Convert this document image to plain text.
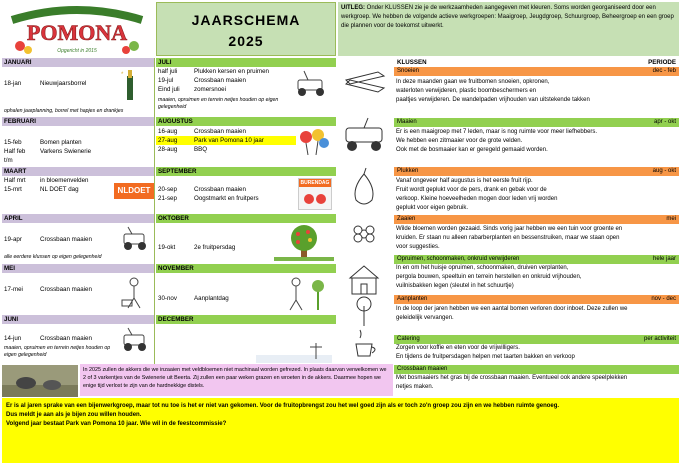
PARK VAN
POMONA
Opgericht in 2015
JAARSCHEMA
2025
UITLEG: Onder KLUSSEN zie je de werkzaamheden aangegeven met kleuren. Soms worden georganiseerd door een werkgroep. We hebben de volgende actieve werkgroepen: Maaigroep, Jeugdgroep, Schuurgroep, Beheergroep en een groep die plannen voor de toekomst uitwerkt.
JANUARI
18-jan	Nieuwjaarsborrel
*
ophalen jaarplanning, borrel met hapjes en drankjes
FEBRUARI
15-feb	Bomen planten
Half feb Varkens Swienerie
t/m
MAART
Half mrt in bloemenvelden
15-mrt	NL DOET dag	NLDOET
APRIL
19-apr	Crossbaan maaien
alle eerdere klussen op eigen gelegenheid
MEI
17-mei	Crossbaan maaien
JUNI
14-jun	Crossbaan maaien
maaien, opruimen en terrein netjes houden op eigen gelegenheid
JULI
half juli	Plukken kersen en pruimen
19-jul	Crossbaan maaien
Eind juli zomersnoei
maaien, opruimen en terrein netjes houden op eigen gelegenheid
AUGUSTUS
16-aug	Crossbaan maaien
27-aug	Park van Pomona 10 jaar
28-aug	BBQ
SEPTEMBER
20-sep	Crossbaan maaien
21-sep	Oogstmarkt en fruitpers
BURENDAG
OKTOBER
19-okt	2e fruitpersdag
NOVEMBER
30-nov	Aanplantdag
DECEMBER
KLUSSEN	PERIODE
Snoeien	dec - feb
In deze maanden gaan we fruitbomen snoeien, opkronen,
waterloten verwijderen, plastic boombeschermers en
paaltjes verwijderen. De wandelpaden vrijhouden van uitstekende takken
Maaien	apr - okt
Er is een maaigroep met 7 leden, maar is nog ruimte voor meer liefhebbers.
We hebben een zitmaaier voor de grote velden.
Ook met de bosmaaier kan er geregeld gemaaid worden.
Plukken	aug - okt
Vanaf ongeveer half augustus is het eerste fruit rijp.
Fruit wordt geplukt voor de pers, drank en gebak voor de
verkoop. Kleine hoeveelheden mogen door leden vrij worden
geplukt voor eigen gebruik.
Zaaien	mei
Wilde bloemen worden gezaaid. Sinds vorig jaar hebben we een tuin voor groente en
kruiden. Er staan nu alleen rabarberplanten en bessenstruiken, maar we staan open
voor suggesties.
Opruimen, schoonmaken, onkruid verwijderen	hele jaar
In en om het huisje opruimen, schoonmaken, druiven verplanten,
pergola bouwen, speeltuin en terrein herstellen en onkruid vrijhouden,
vuilnisbakken legen (sleutel in het schuurtje)
Aanplanten	nov - dec
In de loop der jaren hebben we een aantal bomen verloren door inboet. Deze zullen we
geleidelijk vervangen.
Catering	per activiteit
Zorgen voor koffie en eten voor de vrijwilligers.
En tijdens de fruitpersdagen helpen met taarten bakken en verkoop
Crossbaan maaien
Met bosmaaiers het gras bij de crossbaan maaien. Eventueel ook andere speelplekken
netjes maken.
In 2025 zullen de akkers die we inzaaien met veldbloemen niet machinaal worden gefrezed. In plaats daarvan verwelkomen we 2 of 3 varkentjes van de Swienerie uit Beerta. Zij zullen een paar weken grazen en wroeten in de akkers. Daarmee hopen we enige tijd verlost te zijn van de hardnekkige distels.
Er is al jaren sprake van een bijenwerkgroep, maar tot nu toe is het er niet van gekomen. Voor de fruitopbrengst zou het wel goed zijn als er toch zo'n groep zou zijn en we hebben ruimte genoeg.
Dus meldt je aan als je bijen zou willen houden.
Volgend jaar bestaat Park van Pomona 10 jaar. Wie wil in de feestcommissie?
